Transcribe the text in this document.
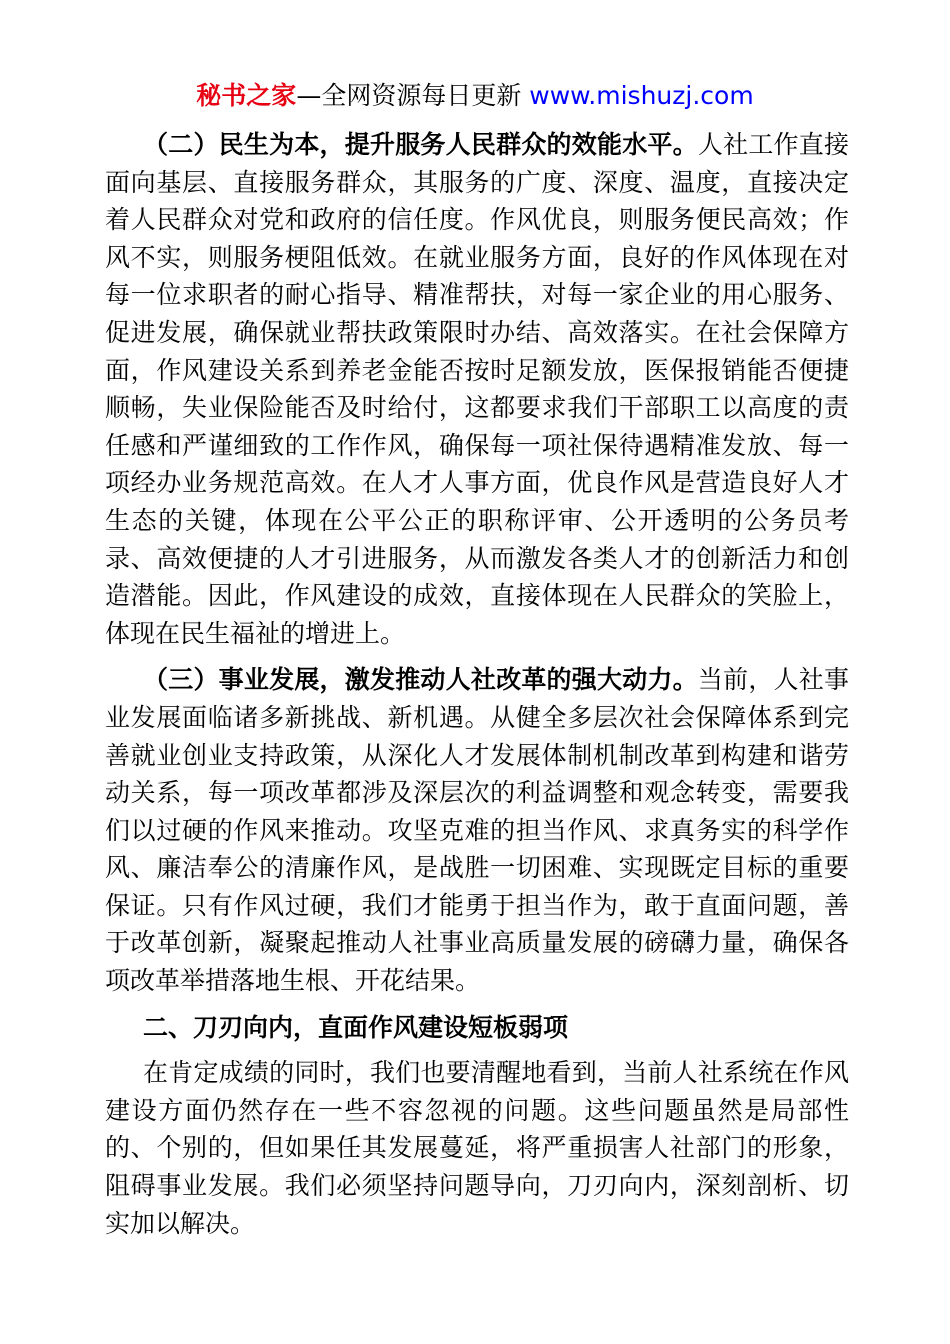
秘书之家—全网资源每日更新 www.mishuzj.com

（二）民生为本，提升服务人民群众的效能水平。人社工作直接面向基层、直接服务群众，其服务的广度、深度、温度，直接决定着人民群众对党和政府的信任度。作风优良，则服务便民高效；作风不实，则服务梗阻低效。在就业服务方面，良好的作风体现在对每一位求职者的耐心指导、精准帮扶，对每一家企业的用心服务、促进发展，确保就业帮扶政策限时办结、高效落实。在社会保障方面，作风建设关系到养老金能否按时足额发放，医保报销能否便捷顺畅，失业保险能否及时给付，这都要求我们干部职工以高度的责任感和严谨细致的工作作风，确保每一项社保待遇精准发放、每一项经办业务规范高效。在人才人事方面，优良作风是营造良好人才生态的关键，体现在公平公正的职称评审、公开透明的公务员考录、高效便捷的人才引进服务，从而激发各类人才的创新活力和创造潜能。因此，作风建设的成效，直接体现在人民群众的笑脸上，体现在民生福祉的增进上。

（三）事业发展，激发推动人社改革的强大动力。当前，人社事业发展面临诸多新挑战、新机遇。从健全多层次社会保障体系到完善就业创业支持政策，从深化人才发展体制机制改革到构建和谐劳动关系，每一项改革都涉及深层次的利益调整和观念转变，需要我们以过硬的作风来推动。攻坚克难的担当作风、求真务实的科学作风、廉洁奉公的清廉作风，是战胜一切困难、实现既定目标的重要保证。只有作风过硬，我们才能勇于担当作为，敢于直面问题，善于改革创新，凝聚起推动人社事业高质量发展的磅礴力量，确保各项改革举措落地生根、开花结果。

二、刀刃向内，直面作风建设短板弱项

在肯定成绩的同时，我们也要清醒地看到，当前人社系统在作风建设方面仍然存在一些不容忽视的问题。这些问题虽然是局部性的、个别的，但如果任其发展蔓延，将严重损害人社部门的形象，阻碍事业发展。我们必须坚持问题导向，刀刃向内，深刻剖析、切实加以解决。
